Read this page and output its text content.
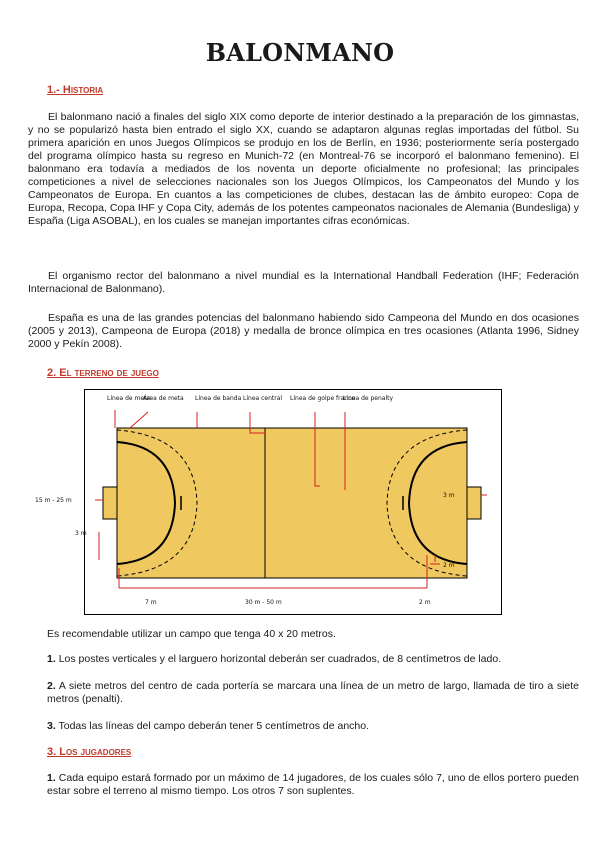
BALONMANO
1.- Historia

El balonmano nació a finales del siglo XIX como deporte de interior destinado a la preparación de los gimnastas, y no se popularizó hasta bien entrado el siglo XX, cuando se adaptaron algunas reglas importadas del fútbol. Su primera aparición en unos Juegos Olímpicos se produjo en los de Berlín, en 1936; posteriormente sería postergado del programa olímpico hasta su regreso en Munich-72 (en Montreal-76 se incorporó el balonmano femenino). El balonmano era todavía a mediados de los noventa un deporte oficialmente no profesional; las principales competiciones a nivel de selecciones nacionales son los Juegos Olímpicos, los Campeonatos del Mundo y los Campeonatos de Europa. En cuantos a las competiciones de clubes, destacan las de ámbito europeo: Copa de Europa, Recopa, Copa IHF y Copa City, además de los potentes campeonatos nacionales de Alemania (Bundesliga) y España (Liga ASOBAL), en los cuales se manejan importantes cifras económicas.

El organismo rector del balonmano a nivel mundial es la International Handball Federation (IHF; Federación Internacional de Balonmano).

España es una de las grandes potencias del balonmano habiendo sido Campeona del Mundo en dos ocasiones (2005 y 2013), Campeona de Europa (2018) y medalla de bronce olímpica en tres ocasiones (Atlanta 1996, Sidney 2000 y Pekín 2008).

2. El terreno de juego
Línea de meta
Área de meta Línea de banda Línea central Línea de golpe franco
Línea de penalty
15 m - 25 m
3 m
3 m
2 m
7 m	30 m - 50 m	2 m

Es recomendable utilizar un campo que tenga 40 x 20 metros.

1. Los postes verticales y el larguero horizontal deberán ser cuadrados, de 8 centímetros de lado.

2. A siete metros del centro de cada portería se marcara una línea de un metro de largo, llamada de tiro a siete metros (penalti).

3. Todas las líneas del campo deberán tener 5 centímetros de ancho.

3. Los jugadores

1. Cada equipo estará formado por un máximo de 14 jugadores, de los cuales sólo 7, uno de ellos portero pueden estar sobre el terreno al mismo tiempo. Los otros 7 son suplentes.
